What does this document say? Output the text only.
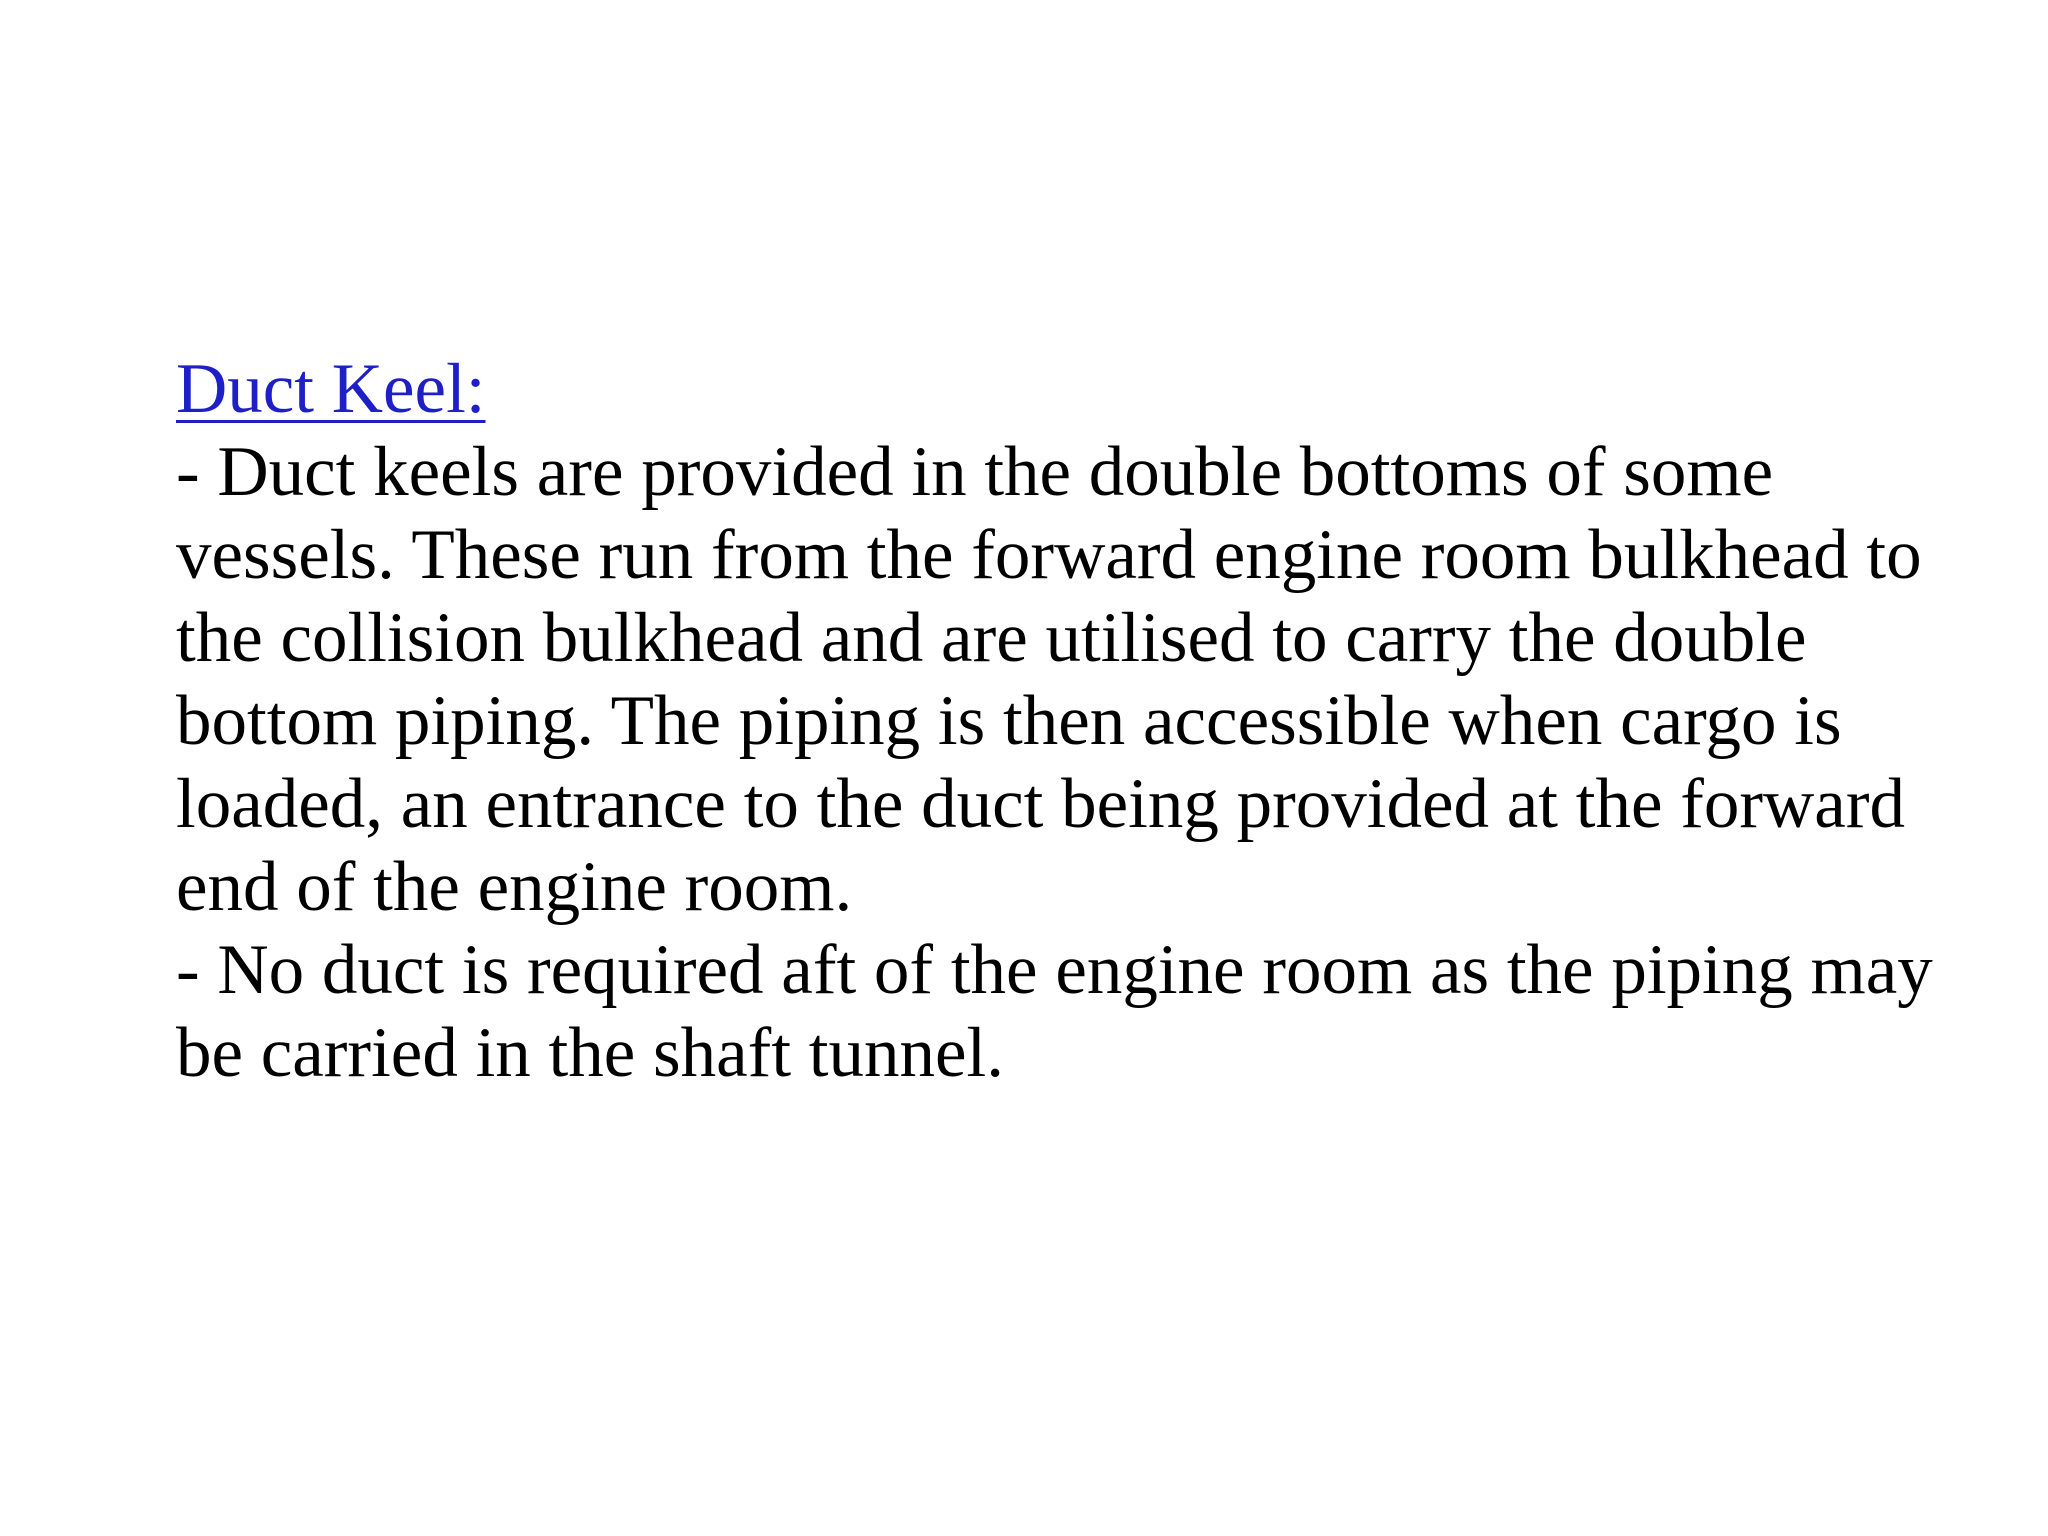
Duct Keel:
- Duct keels are provided in the double bottoms of some
vessels. These run from the forward engine room bulkhead to
the collision bulkhead and are utilised to carry the double
bottom piping. The piping is then accessible when cargo is
loaded, an entrance to the duct being provided at the forward
end of the engine room.
- No duct is required aft of the engine room as the piping may
be carried in the shaft tunnel.
